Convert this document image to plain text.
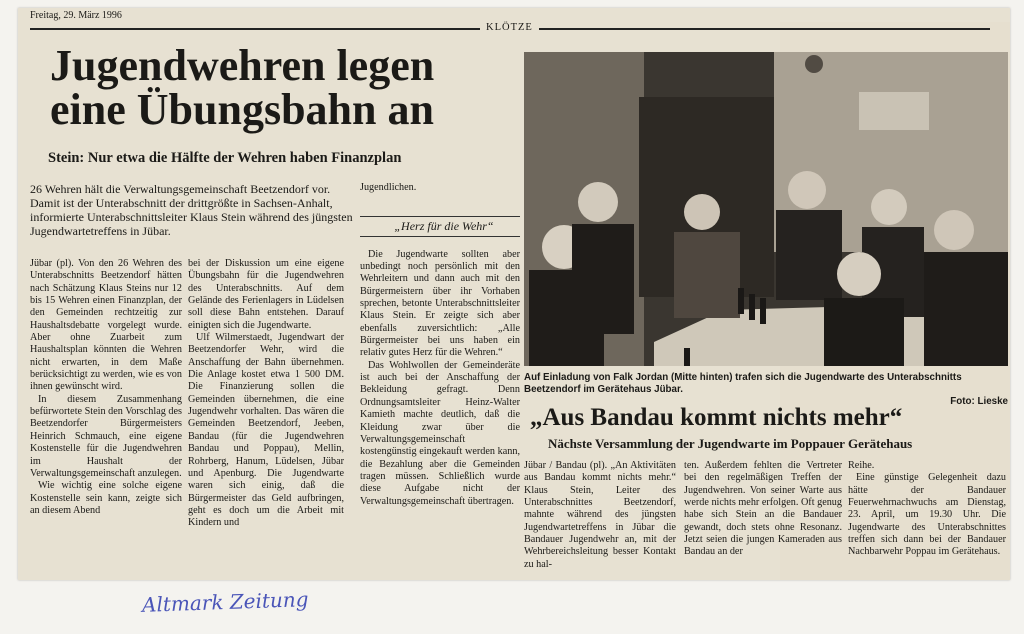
Freitag, 29. März 1996
KLÖTZE
Jugendwehren legen eine Übungsbahn an
Stein: Nur etwa die Hälfte der Wehren haben Finanzplan

26 Wehren hält die Verwaltungsgemeinschaft Beetzendorf vor. Damit ist der Unterabschnitt der drittgrößte in Sachsen-Anhalt, informierte Unterabschnittsleiter Klaus Stein während des jüngsten Jugendwartetreffens in Jübar.

Jübar (pl). Von den 26 Wehren des Unterabschnitts Beetzendorf hätten nach Schätzung Klaus Steins nur 12 bis 15 Wehren einen Finanzplan, der den Gemeinden rechtzeitig zur Haushaltsdebatte vorgelegt wurde. Aber ohne Zuarbeit zum Haushaltsplan könnten die Wehren nicht erwarten, in dem Maße berücksichtigt zu werden, wie es von ihnen gewünscht wird.

In diesem Zusammenhang befürwortete Stein den Vorschlag des Beetzendorfer Bürgermeisters Heinrich Schmauch, eine eigene Kostenstelle für die Jugendwehren im Haushalt der Verwaltungsgemeinschaft anzulegen.

Wie wichtig eine solche eigene Kostenstelle sein kann, zeigte sich an diesem Abend

bei der Diskussion um eine eigene Übungsbahn für die Jugendwehren des Unterabschnitts. Auf dem Gelände des Ferienlagers in Lüdelsen soll diese Bahn entstehen. Darauf einigten sich die Jugendwarte.

Ulf Wilmerstaedt, Jugendwart der Beetzendorfer Wehr, wird die Anschaffung der Bahn übernehmen. Die Anlage kostet etwa 1 500 DM. Die Finanzierung sollen die Gemeinden übernehmen, die eine Jugendwehr vorhalten. Das wären die Gemeinden Beetzendorf, Jeeben, Bandau (für die Jugendwehren Bandau und Poppau), Mellin, Rohrberg, Hanum, Lüdelsen, Jübar und Apenburg. Die Jugendwarte waren sich einig, daß die Bürgermeister das Geld aufbringen, geht es doch um die Arbeit mit Kindern und

Jugendlichen.

„Herz für die Wehr“

Die Jugendwarte sollten aber unbedingt noch persönlich mit den Wehrleitern und dann auch mit den Bürgermeistern über ihr Vorhaben sprechen, betonte Unterabschnittsleiter Klaus Stein. Er zeigte sich aber ebenfalls zuversichtlich: „Alle Bürgermeister bei uns haben ein relativ gutes Herz für die Wehren.“

Das Wohlwollen der Gemeinderäte ist auch bei der Anschaffung der Bekleidung gefragt. Denn Ordnungsamtsleiter Heinz-Walter Kamieth machte deutlich, daß die Kleidung zwar über die Verwaltungsgemeinschaft kostengünstig eingekauft werden kann, die Bezahlung aber die Gemeinden tragen müssen. Schließlich wurde diese Aufgabe nicht der Verwaltungsgemeinschaft übertragen.

Auf Einladung von Falk Jordan (Mitte hinten) trafen sich die Jugendwarte des Unterabschnitts Beetzendorf im Gerätehaus Jübar.
Foto: Lieske

„Aus Bandau kommt nichts mehr“
Nächste Versammlung der Jugendwarte im Poppauer Gerätehaus

Jübar / Bandau (pl). „An Aktivitäten aus Bandau kommt nichts mehr.“ Klaus Stein, Leiter des Unterabschnittes Beetzendorf, mahnte während des jüngsten Jugendwartetreffens in Jübar die Bandauer Jugendwehr an, mit der Wehrbereichsleitung besser Kontakt zu hal-

ten. Außerdem fehlten die Vertreter bei den regelmäßigen Treffen der Jugendwehren. Von seiner Warte aus werde nichts mehr erfolgen. Oft genug habe sich Stein an die Bandauer gewandt, doch stets ohne Resonanz. Jetzt seien die jungen Kameraden aus Bandau an der

Reihe.

Eine günstige Gelegenheit dazu hätte der Bandauer Feuerwehrnachwuchs am Dienstag, 23. April, um 19.30 Uhr. Die Jugendwarte des Unterabschnittes treffen sich dann bei der Bandauer Nachbarwehr Poppau im Gerätehaus.

Altmark Zeitung
